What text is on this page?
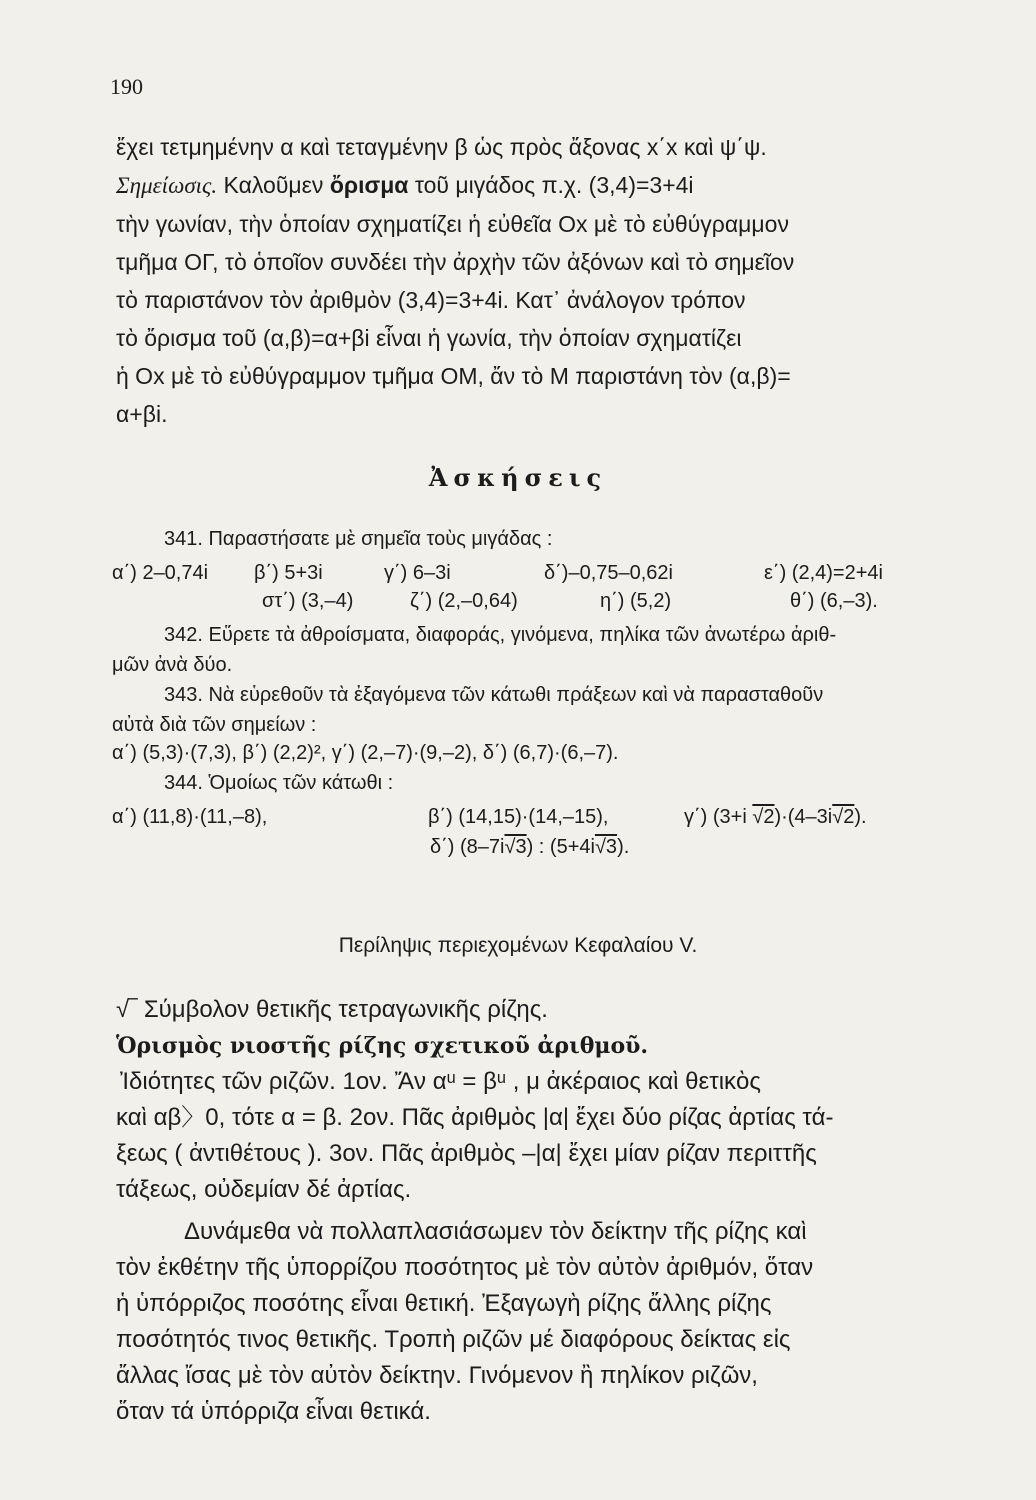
190
ἔχει τετμημένην α καὶ τεταγμένην β ὡς πρὸς ἄξονας x΄x καὶ ψ΄ψ.
Σημείωσις. Καλοῦμεν ὄρισμα τοῦ μιγάδος π.χ. (3,4)=3+4i
τὴν γωνίαν, τὴν ὁποίαν σχηματίζει ἡ εὐθεῖα Ox μὲ τὸ εὐθύγραμμον
τμῆμα ΟΓ, τὸ ὁποῖον συνδέει τὴν ἀρχὴν τῶν ἀξόνων καὶ τὸ σημεῖον
τὸ παριστάνον τὸν ἀριθμὸν (3,4)=3+4i. Κατ᾽ ἀνάλογον τρόπον
τὸ ὄρισμα τοῦ (α,β)=α+βi εἶναι ἡ γωνία, τὴν ὁποίαν σχηματίζει
ἡ Ox μὲ τὸ εὐθύγραμμον τμῆμα ΟΜ, ἄν τὸ Μ παριστάνη τὸν (α,β)=
α+βi.
Ἀσκήσεις
341. Παραστήσατε μὲ σημεῖα τοὺς μιγάδας :
α΄) 2–0,74i β΄) 5+3i	γ΄) 6–3i	δ΄)–0,75–0,62i	ε΄) (2,4)=2+4i
στ΄) (3,–4)	ζ΄) (2,–0,64)	η΄) (5,2)	θ΄) (6,–3).
342. Εὕρετε τὰ ἀθροίσματα, διαφοράς, γινόμενα, πηλίκα τῶν ἀνωτέρω ἀριθ-
μῶν ἀνὰ δύο.
343. Νὰ εὑρεθοῦν τὰ ἐξαγόμενα τῶν κάτωθι πράξεων καὶ νὰ παρασταθοῦν
αὐτὰ διὰ τῶν σημείων :
α΄) (5,3)·(7,3), β΄) (2,2)², γ΄) (2,–7)·(9,–2), δ΄) (6,7)·(6,–7).
344. Ὁμοίως τῶν κάτωθι :
α΄) (11,8)·(11,–8),	β΄) (14,15)·(14,–15),	γ΄) (3+i √2)·(4–3i√2).
δ΄) (8–7i√3) : (5+4i√3).
Περίληψις περιεχομένων Κεφαλαίου V.
√‾ Σύμβολον θετικῆς τετραγωνικῆς ρίζης.
Ὁρισμὸς νιοστῆς ρίζης σχετικοῦ ἀριθμοῦ.
Ἰδιότητες τῶν ριζῶν. 1ον. Ἄν αᵘ = βᵘ , μ ἀκέραιος καὶ θετικὸς
καὶ αβ〉0, τότε α = β. 2ον. Πᾶς ἀριθμὸς |α| ἔχει δύο ρίζας ἀρτίας τά-
ξεως ( ἀντιθέτους ). 3ον. Πᾶς ἀριθμὸς –|α| ἔχει μίαν ρίζαν περιττῆς
τάξεως, οὐδεμίαν δέ ἀρτίας.
Δυνάμεθα νὰ πολλαπλασιάσωμεν τὸν δείκτην τῆς ρίζης καὶ
τὸν ἐκθέτην τῆς ὑπορρίζου ποσότητος μὲ τὸν αὐτὸν ἀριθμόν, ὅταν
ἡ ὑπόρριζος ποσότης εἶναι θετική. Ἐξαγωγὴ ρίζης ἄλλης ρίζης
ποσότητός τινος θετικῆς. Τροπὴ ριζῶν μέ διαφόρους δείκτας εἰς
ἄλλας ἴσας μὲ τὸν αὐτὸν δείκτην. Γινόμενον ἢ πηλίκον ριζῶν,
ὅταν τά ὑπόρριζα εἶναι θετικά.
